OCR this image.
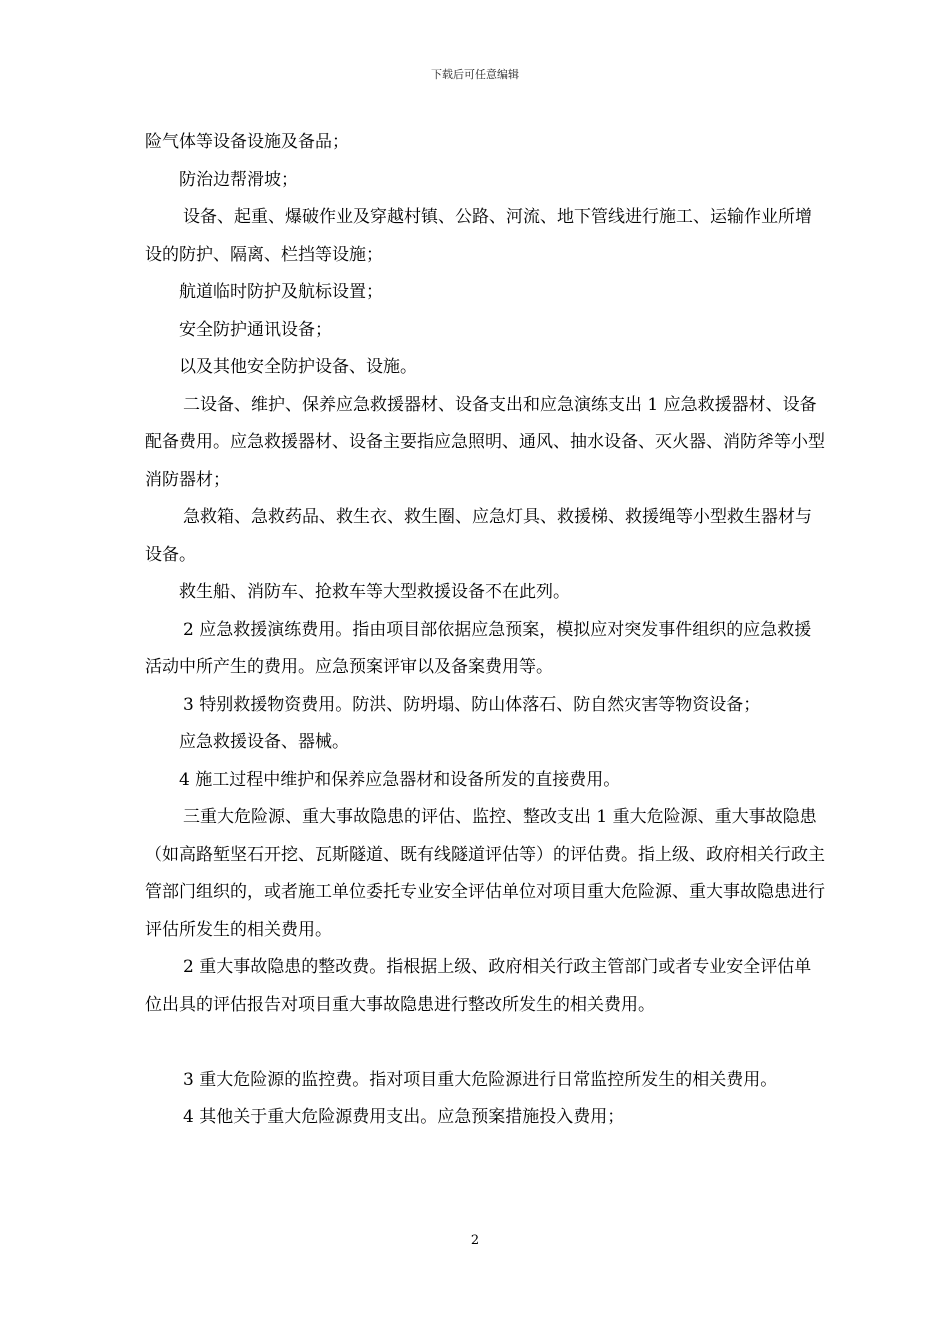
下载后可任意编辑

险气体等设备设施及备品；

防治边帮滑坡；

设备、起重、爆破作业及穿越村镇、公路、河流、地下管线进行施工、运输作业所增设的防护、隔离、栏挡等设施；

航道临时防护及航标设置；

安全防护通讯设备；

以及其他安全防护设备、设施。

二设备、维护、保养应急救援器材、设备支出和应急演练支出 1 应急救援器材、设备配备费用。应急救援器材、设备主要指应急照明、通风、抽水设备、灭火器、消防斧等小型消防器材；

急救箱、急救药品、救生衣、救生圈、应急灯具、救援梯、救援绳等小型救生器材与设备。

救生船、消防车、抢救车等大型救援设备不在此列。

2 应急救援演练费用。指由项目部依据应急预案，模拟应对突发事件组织的应急救援活动中所产生的费用。应急预案评审以及备案费用等。

3 特别救援物资费用。防洪、防坍塌、防山体落石、防自然灾害等物资设备；

应急救援设备、器械。

4 施工过程中维护和保养应急器材和设备所发的直接费用。

三重大危险源、重大事故隐患的评估、监控、整改支出 1 重大危险源、重大事故隐患（如高路堑坚石开挖、瓦斯隧道、既有线隧道评估等）的评估费。指上级、政府相关行政主管部门组织的，或者施工单位委托专业安全评估单位对项目重大危险源、重大事故隐患进行评估所发生的相关费用。

2 重大事故隐患的整改费。指根据上级、政府相关行政主管部门或者专业安全评估单位出具的评估报告对项目重大事故隐患进行整改所发生的相关费用。

3 重大危险源的监控费。指对项目重大危险源进行日常监控所发生的相关费用。

4 其他关于重大危险源费用支出。应急预案措施投入费用；

2
